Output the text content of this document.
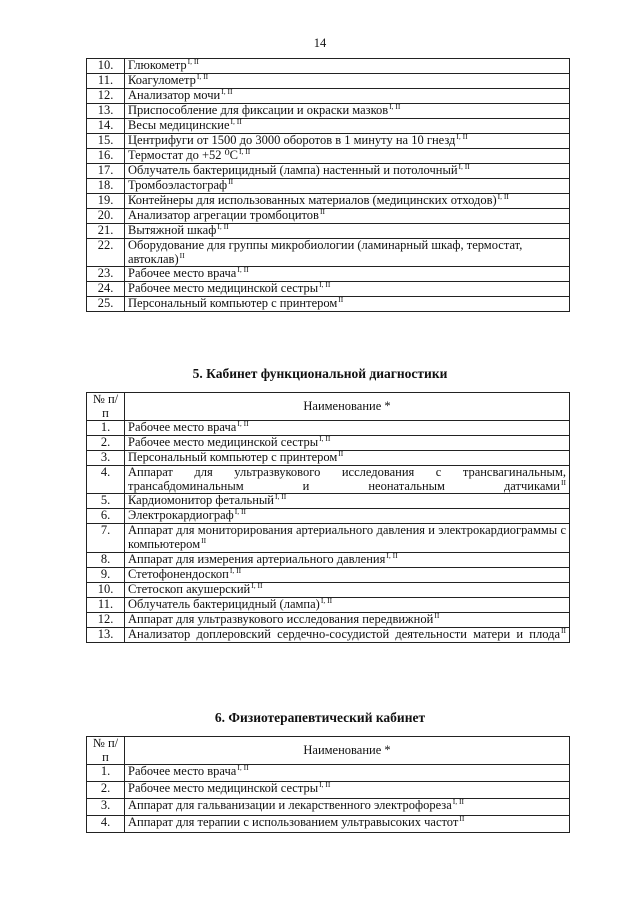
14
10.	Глюкометр$^{I, II}$
11.	Коагулометр$^{I, II}$
12.	Анализатор мочи$^{I, II}$
13.	Приспособление для фиксации и окраски мазков$^{I, II}$
14.	Весы медицинские$^{I, II}$
15.	Центрифуги от 1500 до 3000 оборотов в 1 минуту на 10 гнезд$^{I, II}$
16.	Термостат до +52 $^0С^{I, II}$
17.	Облучатель бактерицидный (лампа) настенный и потолочный$^{I, II}$
18.	Тромбоэластограф$^{II}$
19.	Контейнеры для использованных материалов (медицинских отходов)$^{I, II}$
20.	Анализатор агрегации тромбоцитов$^{II}$
21.	Вытяжной шкаф$^{I, II}$
22.	Оборудование для группы микробиологии (ламинарный шкаф, термостат, автоклав)$^{II}$
23.	Рабочее место врача$^{I, II}$
24.	Рабочее место медицинской сестры$^{I, II}$
25.	Персональный компьютер с принтером$^{II}$
5. Кабинет функциональной диагностики
№ п/п	Наименование *
1.	Рабочее место врача$^{I, II}$
2.	Рабочее место медицинской сестры$^{I, II}$
3.	Персональный компьютер с принтером$^{II}$
4.	Аппарат для ультразвукового исследования с трансвагинальным, трансабдоминальным и неонатальным датчиками$^{II}$
5.	Кардиомонитор фетальный$^{I, II}$
6.	Электрокардиограф$^{I, II}$
7.	Аппарат для мониторирования артериального давления и электрокардиограммы с компьютером$^{II}$
8.	Аппарат для измерения артериального давления$^{I, II}$
9.	Стетофонендоскоп$^{I, II}$
10.	Стетоскоп акушерский$^{I, II}$
11.	Облучатель бактерицидный (лампа)$^{I, II}$
12.	Аппарат для ультразвукового исследования передвижной$^{II}$
13.	Анализатор доплеровский сердечно-сосудистой деятельности матери и плода$^{II}$
6. Физиотерапевтический кабинет
№ п/п	Наименование *
1.	Рабочее место врача$^{I, II}$
2.	Рабочее место медицинской сестры$^{I, II}$
3.	Аппарат для гальванизации и лекарственного электрофореза$^{I, II}$
4.	Аппарат для терапии с использованием ультравысоких частот$^{II}$
